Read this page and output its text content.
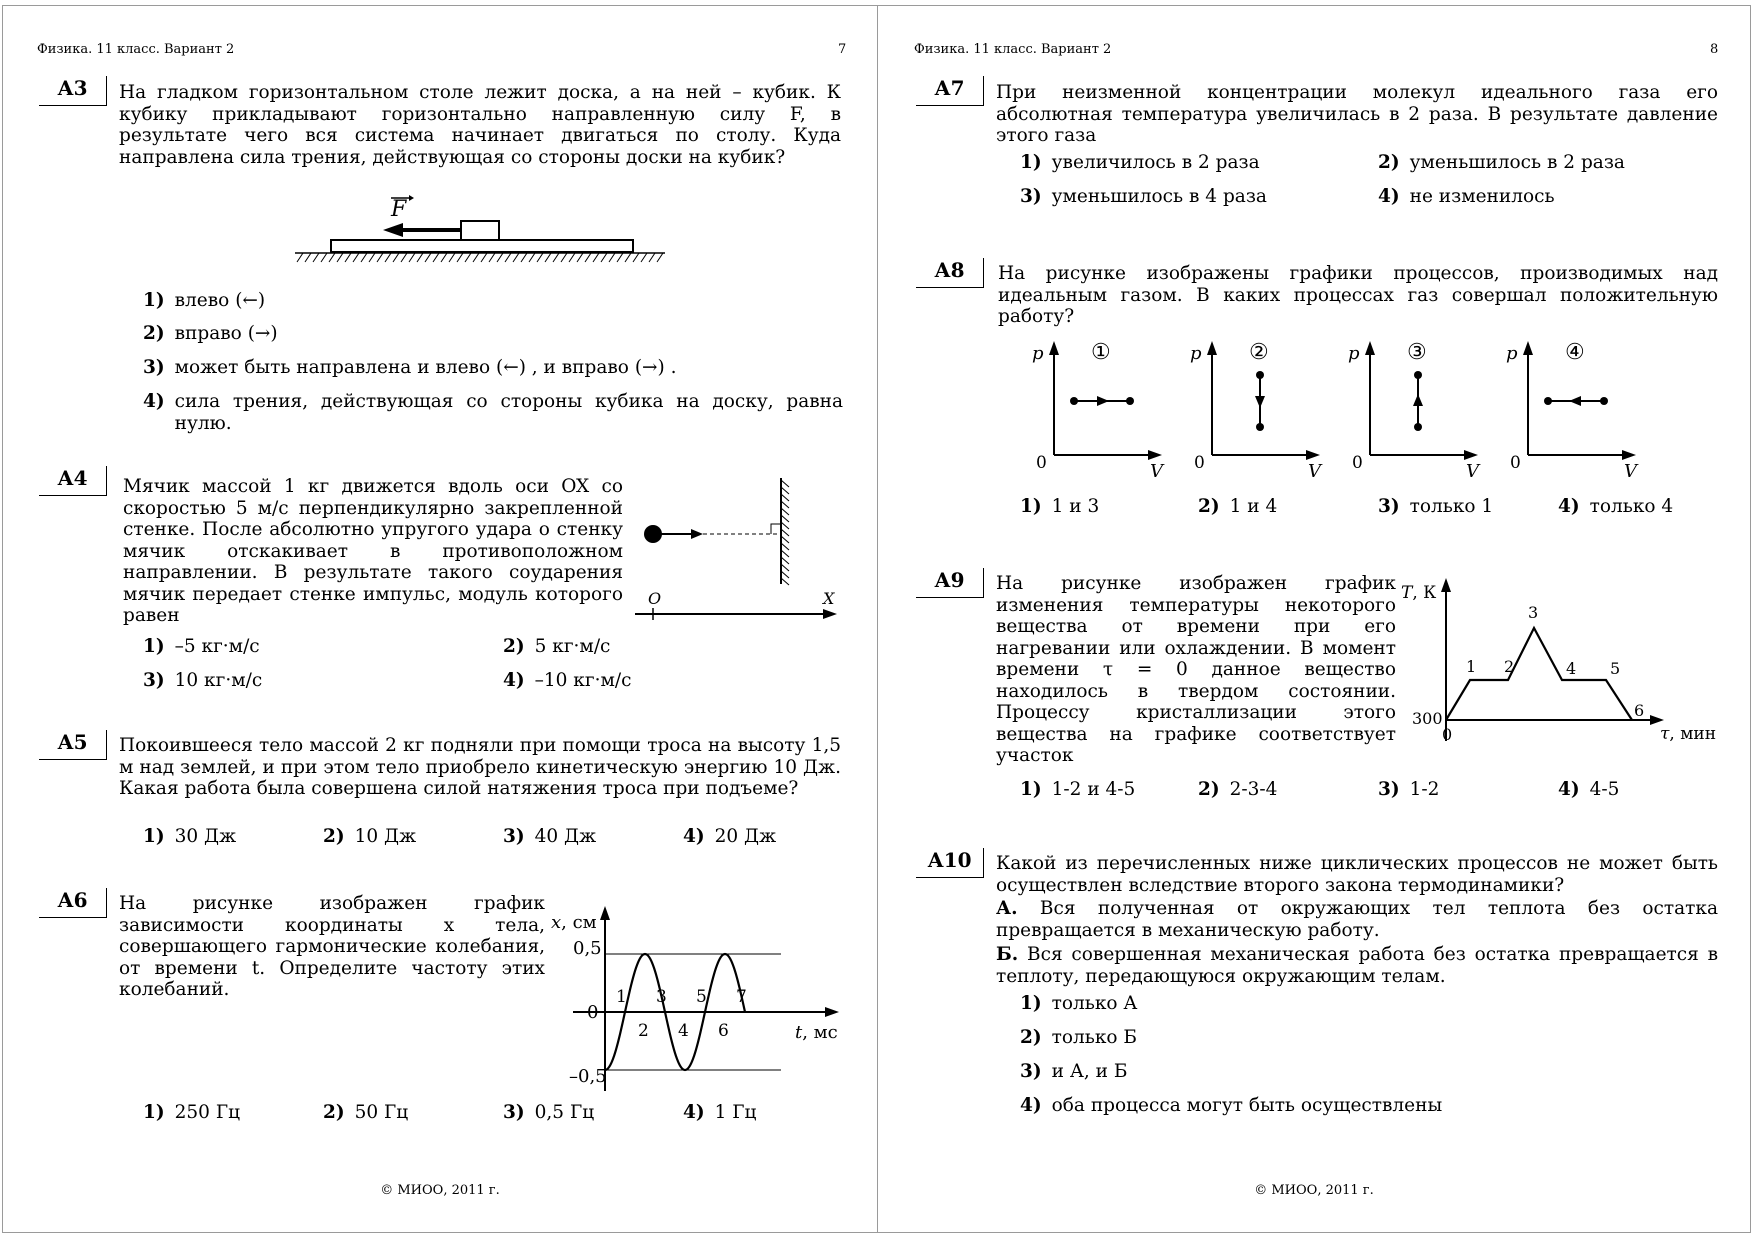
Физика. 11 класс. Вариант 2	7
А3	На гладком горизонтальном столе лежит доска, а на ней – кубик. К кубику прикладывают горизонтально направленную силу F, в результате чего вся система начинает двигаться по столу. Куда направлена сила трения, действующая со стороны доски на кубик?
F
1) влево (←)
2) вправо (→)
3) может быть направлена и влево (←) , и вправо (→) .
4) сила трения, действующая со стороны кубика на доску, равна нулю.
А4	Мячик массой 1 кг движется вдоль оси OX со скоростью 5 м/с перпендикулярно закрепленной стенке. После абсолютно упругого удара о стенку мячик отскакивает в противоположном направлении. В результате такого соударения мячик передает стенке импульс, модуль которого равен
O	X
1) –5 кг·м/с	2) 5 кг·м/с
3) 10 кг·м/с	4) –10 кг·м/с
А5	Покоившееся тело массой 2 кг подняли при помощи троса на высоту 1,5 м над землей, и при этом тело приобрело кинетическую энергию 10 Дж. Какая работа была совершена силой натяжения троса при подъеме?
1) 30 Дж	2) 10 Дж	3) 40 Дж	4) 20 Дж
А6	На рисунке изображен график зависимости координаты x тела, совершающего гармонические колебания, от времени t. Определите частоту этих колебаний.	1
2
3
4
5
6
7
x, см
t, мс
0,5
0
–0,5
1) 250 Гц	2) 50 Гц	3) 0,5 Гц	4) 1 Гц
© МИОО, 2011 г.
Физика. 11 класс. Вариант 2	8
А7	При неизменной концентрации молекул идеального газа его абсолютная температура увеличилась в 2 раза. В результате давление этого газа
1) увеличилось в 2 раза	2) уменьшилось в 2 раза
3) уменьшилось в 4 раза	4) не изменилось
А8	На рисунке изображены графики процессов, производимых над идеальным газом. В каких процессах газ совершал положительную работу?
p
V
0
①	p
V
0
②	p
V
0
③	p
V
0
④
1) 1 и 3	2) 1 и 4	3) только 1	4) только 4
А9	На рисунке изображен график
изменения температуры некоторого
вещества от времени при его
нагревании или охлаждении. В момент
времени τ = 0 данное вещество
находилось в твердом состоянии.
Процессу кристаллизации этого
вещества на графике соответствует
участок
1 2
3
4 5
6
T, К
τ, мин
300
0
1) 1-2 и 4-5	2) 2-3-4	3) 1-2	4) 4-5
А10	Какой из перечисленных ниже циклических процессов не может быть осуществлен вследствие второго закона термодинамики?
А. Вся полученная от окружающих тел теплота без остатка превращается в механическую работу.
Б. Вся совершенная механическая работа без остатка превращается в теплоту, передающуюся окружающим телам.
1) только А
2) только Б
3) и А, и Б
4) оба процесса могут быть осуществлены
© МИОО, 2011 г.
